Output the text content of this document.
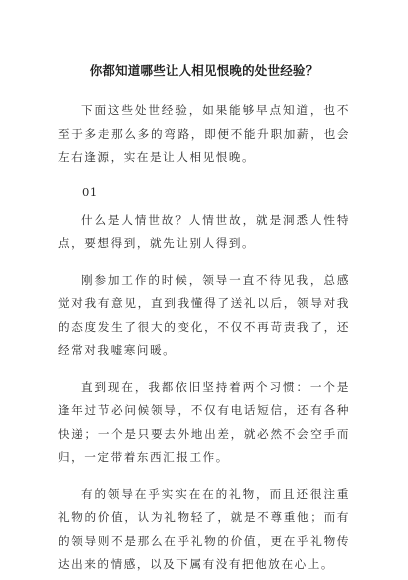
你都知道哪些让人相见恨晚的处世经验？

下面这些处世经验，如果能够早点知道，也不至于多走那么多的弯路，即便不能升职加薪，也会左右逢源，实在是让人相见恨晚。

01

什么是人情世故？人情世故，就是洞悉人性特点，要想得到，就先让别人得到。

刚参加工作的时候，领导一直不待见我，总感觉对我有意见，直到我懂得了送礼以后，领导对我的态度发生了很大的变化，不仅不再苛责我了，还经常对我嘘寒问暖。

直到现在，我都依旧坚持着两个习惯：一个是逢年过节必问候领导，不仅有电话短信，还有各种快递；一个是只要去外地出差，就必然不会空手而归，一定带着东西汇报工作。

有的领导在乎实实在在的礼物，而且还很注重礼物的价值，认为礼物轻了，就是不尊重他；而有的领导则不是那么在乎礼物的价值，更在乎礼物传达出来的情感，以及下属有没有把他放在心上。
